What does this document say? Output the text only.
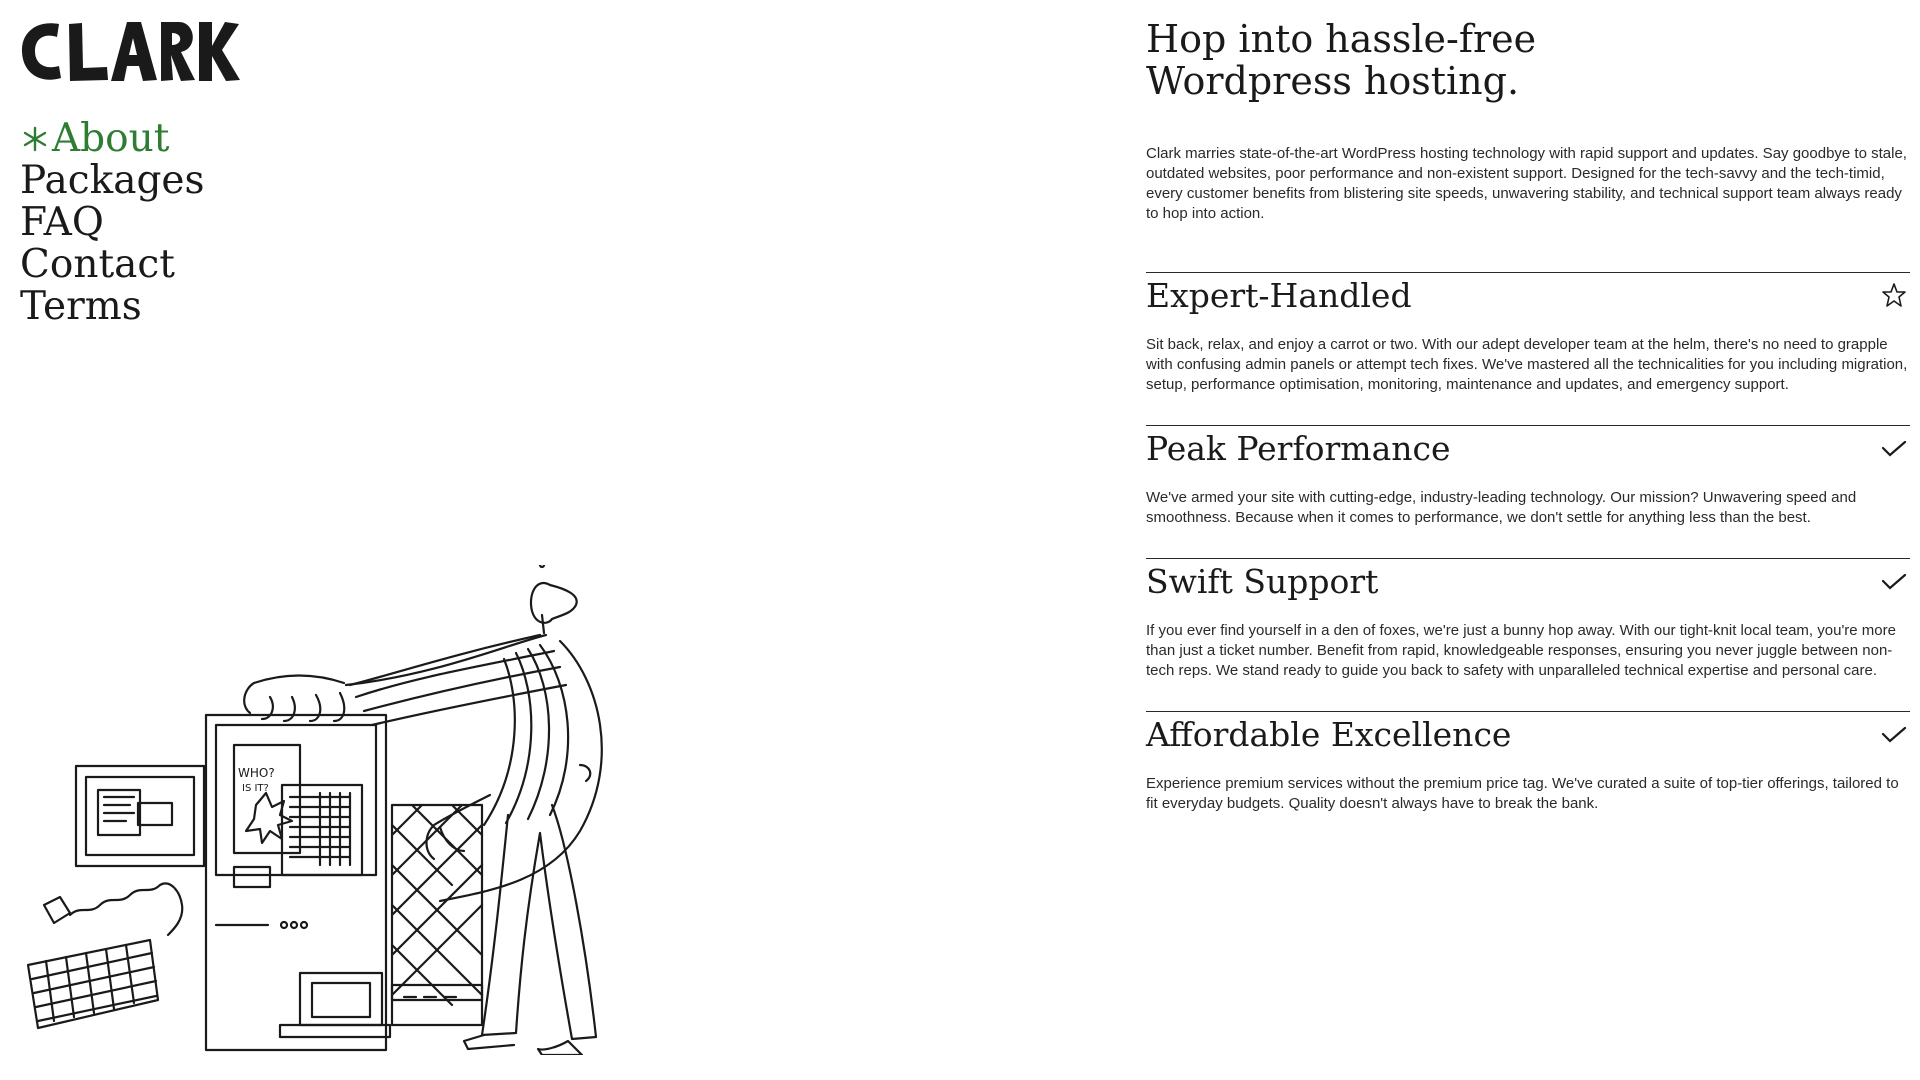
About
Packages
FAQ
Contact
Terms
WHO?
IS IT?
Hop into hassle-free
Wordpress hosting.

Clark marries state-of-the-art WordPress hosting technology with rapid support and updates. Say goodbye to stale, outdated websites, poor performance and non-existent support. Designed for the tech-savvy and the tech-timid, every customer benefits from blistering site speeds, unwavering stability, and technical support team always ready to hop into action.

Expert-Handled

Sit back, relax, and enjoy a carrot or two. With our adept developer team at the helm, there's no need to grapple with confusing admin panels or attempt tech fixes. We've mastered all the technicalities for you including migration, setup, performance optimisation, monitoring, maintenance and updates, and emergency support.

Peak Performance

We've armed your site with cutting-edge, industry-leading technology. Our mission? Unwavering speed and smoothness. Because when it comes to performance, we don't settle for anything less than the best.

Swift Support

If you ever find yourself in a den of foxes, we're just a bunny hop away. With our tight-knit local team, you're more than just a ticket number. Benefit from rapid, knowledgeable responses, ensuring you never juggle between non-tech reps. We stand ready to guide you back to safety with unparalleled technical expertise and personal care.

Affordable Excellence

Experience premium services without the premium price tag. We've curated a suite of top-tier offerings, tailored to fit everyday budgets. Quality doesn't always have to break the bank.
